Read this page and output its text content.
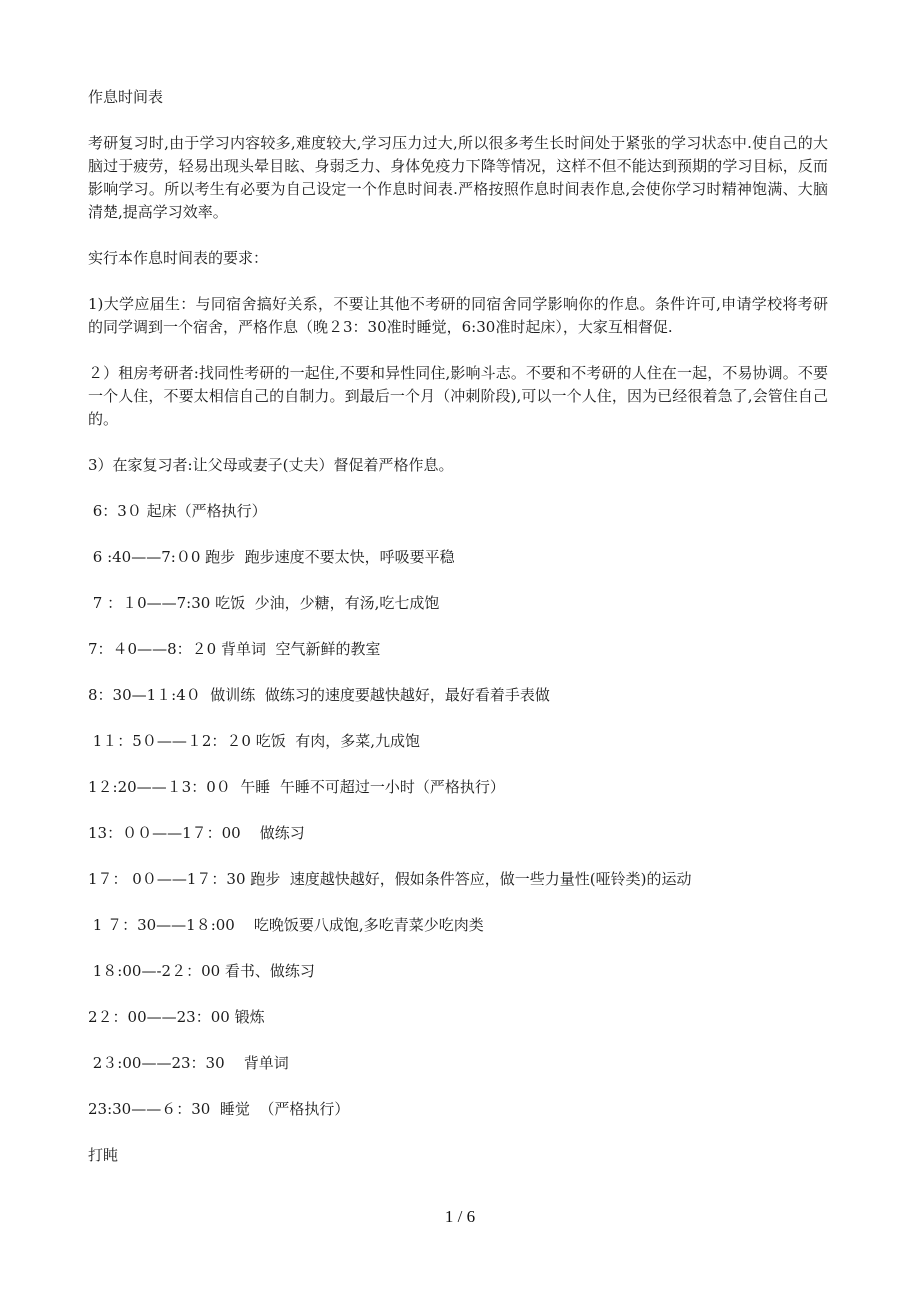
作息时间表

考研复习时,由于学习内容较多,难度较大,学习压力过大,所以很多考生长时间处于紧张的学习状态中.使自己的大脑过于疲劳，轻易出现头晕目眩、身弱乏力、身体免疫力下降等情况，这样不但不能达到预期的学习目标，反而影响学习。所以考生有必要为自己设定一个作息时间表.严格按照作息时间表作息,会使你学习时精神饱满、大脑清楚,提高学习效率。

实行本作息时间表的要求：

1)大学应届生：与同宿舍搞好关系，不要让其他不考研的同宿舍同学影响你的作息。条件许可,申请学校将考研的同学调到一个宿舍，严格作息（晚２3：30准时睡觉，6:30准时起床），大家互相督促.

２）租房考研者:找同性考研的一起住,不要和异性同住,影响斗志。不要和不考研的人住在一起，不易协调。不要一个人住，不要太相信自己的自制力。到最后一个月（冲刺阶段),可以一个人住，因为已经很着急了,会管住自己的。

3）在家复习者:让父母或妻子(丈夫）督促着严格作息。

6：3０ 起床（严格执行）

6 :40——7:０0 跑步  跑步速度不要太快，呼吸要平稳

7 ：１0——7:30 吃饭  少油，少糖，有汤,吃七成饱

7：４0——8：２0 背单词  空气新鲜的教室

8：30—1１:4０  做训练  做练习的速度要越快越好，最好看着手表做

1１：5０——１2：２0 吃饭  有肉，多菜,九成饱

1２:20——１3：0０  午睡  午睡不可超过一小时（严格执行）

13：００——1７：00    做练习

1７： 0０——1７：30 跑步  速度越快越好，假如条件答应，做一些力量性(哑铃类)的运动

1 ７：30——1８:00    吃晚饭要八成饱,多吃青菜少吃肉类

1８:00—-2２：00 看书、做练习

2２：00——23：00 锻炼

2３:00——23：30    背单词

23:30——６：30  睡觉  （严格执行）

打盹

1 / 6
